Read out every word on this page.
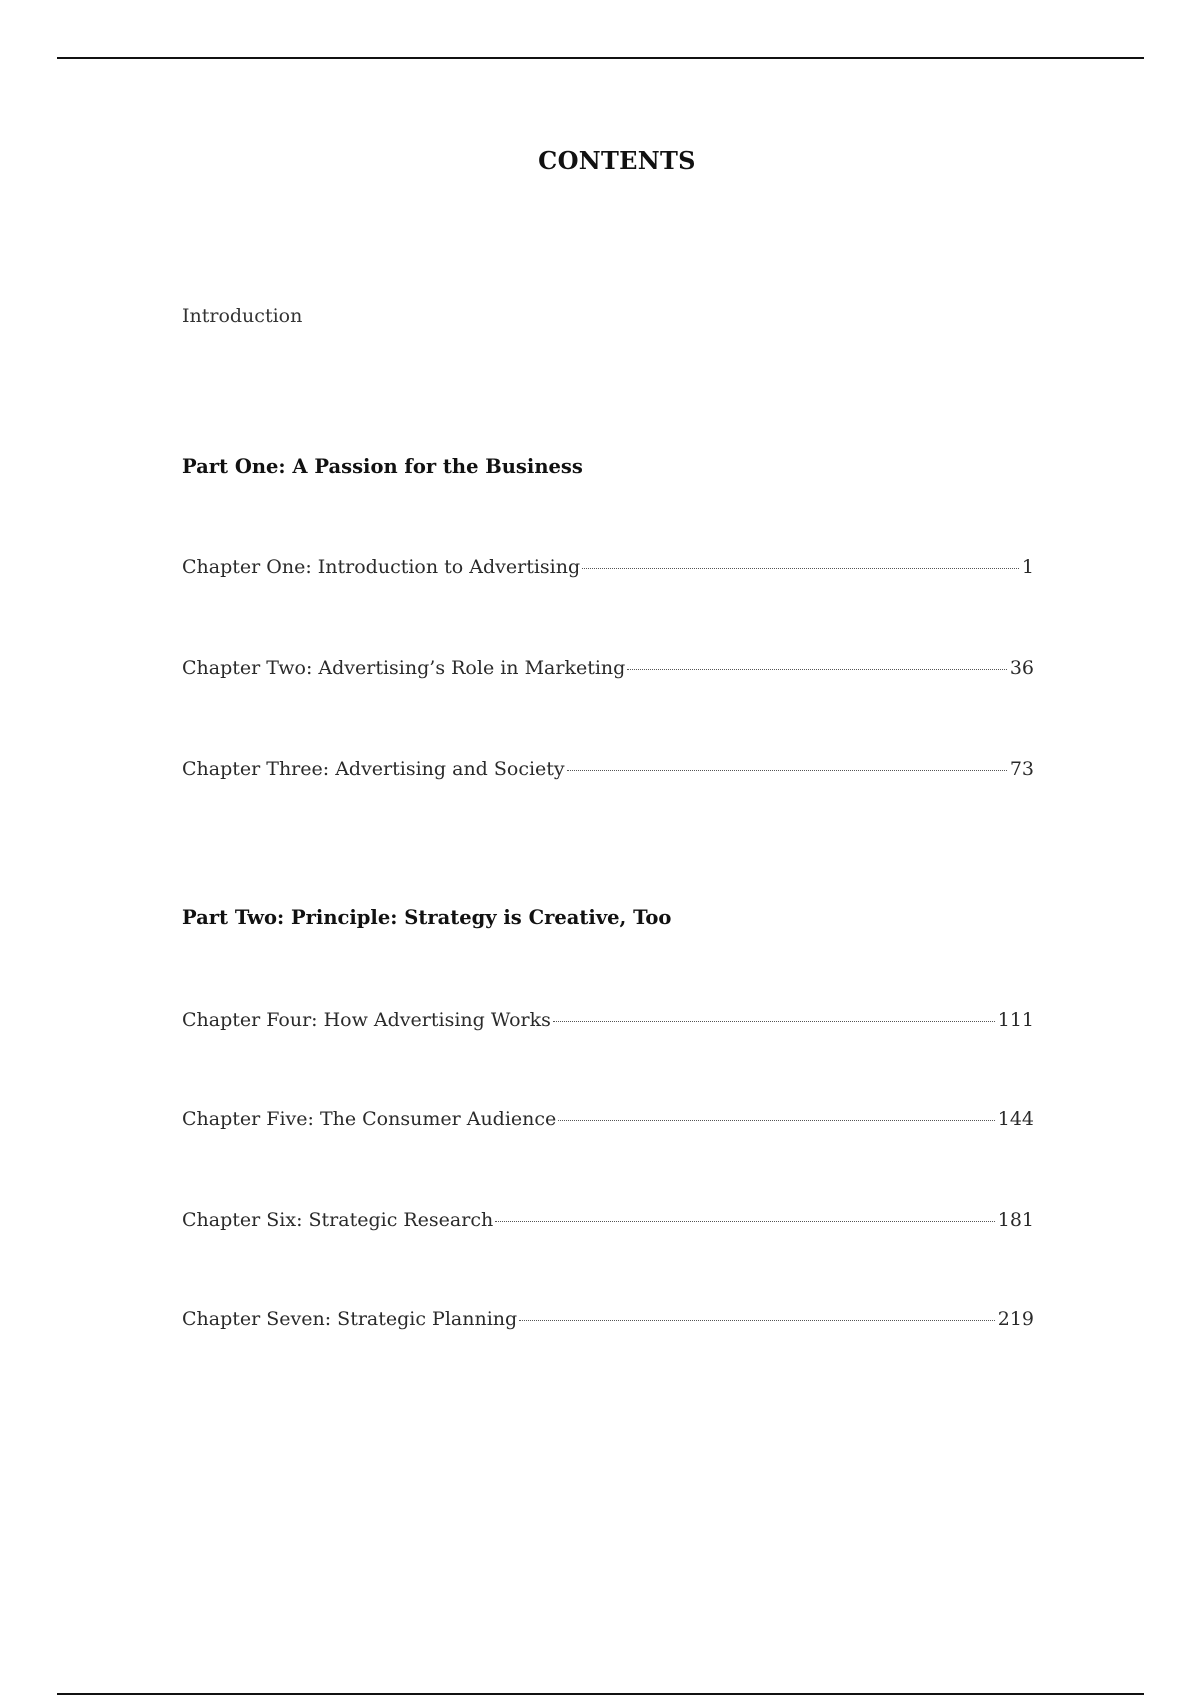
CONTENTS
Introduction
Part One: A Passion for the Business
Chapter One: Introduction to Advertising	1
Chapter Two: Advertising’s Role in Marketing	36
Chapter Three: Advertising and Society	73
Part Two: Principle: Strategy is Creative, Too
Chapter Four: How Advertising Works	111
Chapter Five: The Consumer Audience	144
Chapter Six: Strategic Research	181
Chapter Seven: Strategic Planning	219
